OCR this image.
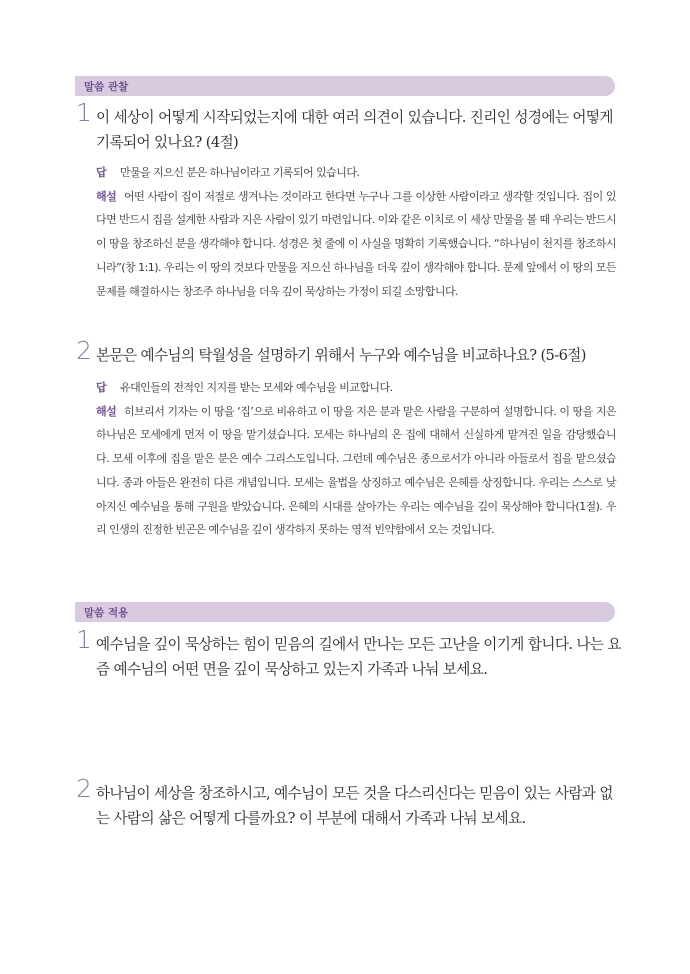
말씀 관찰
1 이 세상이 어떻게 시작되었는지에 대한 여러 의견이 있습니다. 진리인 성경에는 어떻게 기록되어 있나요? (4절)
답 만물을 지으신 분은 하나님이라고 기록되어 있습니다.
해설 어떤 사람이 집이 저절로 생겨나는 것이라고 한다면 누구나 그를 이상한 사람이라고 생각할 것입니다. 집이 있다면 반드시 집을 설계한 사람과 지은 사람이 있기 마련입니다. 이와 같은 이치로 이 세상 만물을 볼 때 우리는 반드시 이 땅을 창조하신 분을 생각해야 합니다. 성경은 첫 줄에 이 사실을 명확히 기록했습니다. “하나님이 천지를 창조하시니라”(창 1:1). 우리는 이 땅의 것보다 만물을 지으신 하나님을 더욱 깊이 생각해야 합니다. 문제 앞에서 이 땅의 모든 문제를 해결하시는 창조주 하나님을 더욱 깊이 묵상하는 가정이 되길 소망합니다.
2 본문은 예수님의 탁월성을 설명하기 위해서 누구와 예수님을 비교하나요? (5-6절)
답 유대인들의 전적인 지지를 받는 모세와 예수님을 비교합니다.
해설 히브리서 기자는 이 땅을 ‘집’으로 비유하고 이 땅을 지은 분과 맡은 사람을 구분하여 설명합니다. 이 땅을 지은 하나님은 모세에게 먼저 이 땅을 맡기셨습니다. 모세는 하나님의 온 집에 대해서 신실하게 맡겨진 일을 감당했습니다. 모세 이후에 집을 맡은 분은 예수 그리스도입니다. 그런데 예수님은 종으로서가 아니라 아들로서 집을 맡으셨습니다. 종과 아들은 완전히 다른 개념입니다. 모세는 율법을 상징하고 예수님은 은혜를 상징합니다. 우리는 스스로 낮아지신 예수님을 통해 구원을 받았습니다. 은혜의 시대를 살아가는 우리는 예수님을 깊이 묵상해야 합니다(1절). 우리 인생의 진정한 빈곤은 예수님을 깊이 생각하지 못하는 영적 빈약함에서 오는 것입니다.
말씀 적용
1 예수님을 깊이 묵상하는 힘이 믿음의 길에서 만나는 모든 고난을 이기게 합니다. 나는 요즘 예수님의 어떤 면을 깊이 묵상하고 있는지 가족과 나눠 보세요.
2 하나님이 세상을 창조하시고, 예수님이 모든 것을 다스리신다는 믿음이 있는 사람과 없는 사람의 삶은 어떻게 다를까요? 이 부분에 대해서 가족과 나눠 보세요.
